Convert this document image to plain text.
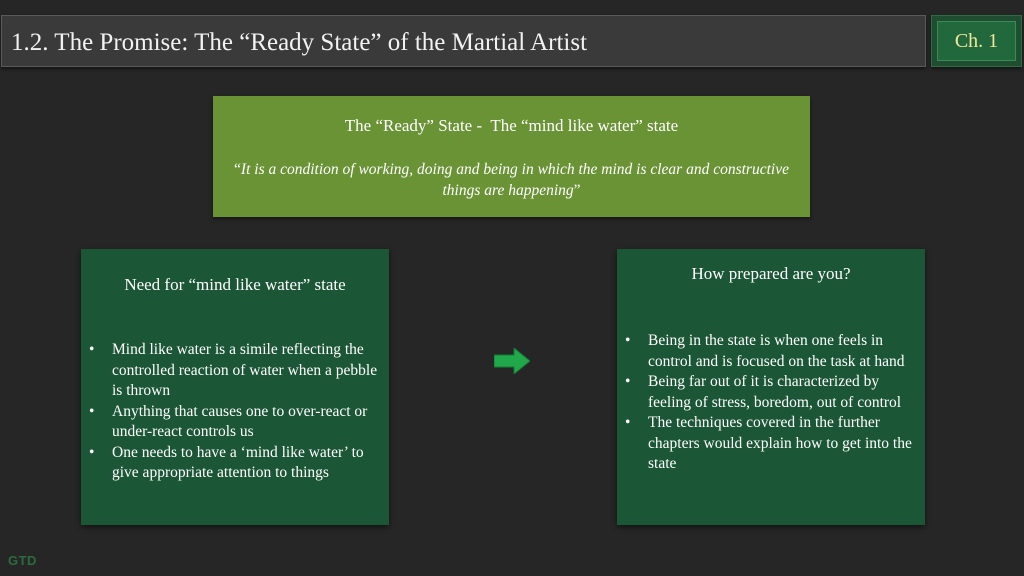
1.2. The Promise: The “Ready State” of the Martial Artist	Ch. 1
The “Ready” State -  The “mind like water” state
“It is a condition of working, doing and being in which the mind is clear and constructive things are happening”
Need for “mind like water” state
• Mind like water is a simile reflecting the controlled reaction of water when a pebble is thrown
• Anything that causes one to over-react or under-react controls us
• One needs to have a ‘mind like water’ to give appropriate attention to things
How prepared are you?
• Being in the state is when one feels in control and is focused on the task at hand
• Being far out of it is characterized by feeling of stress, boredom, out of control
• The techniques covered in the further chapters would explain how to get into the state
GTD
